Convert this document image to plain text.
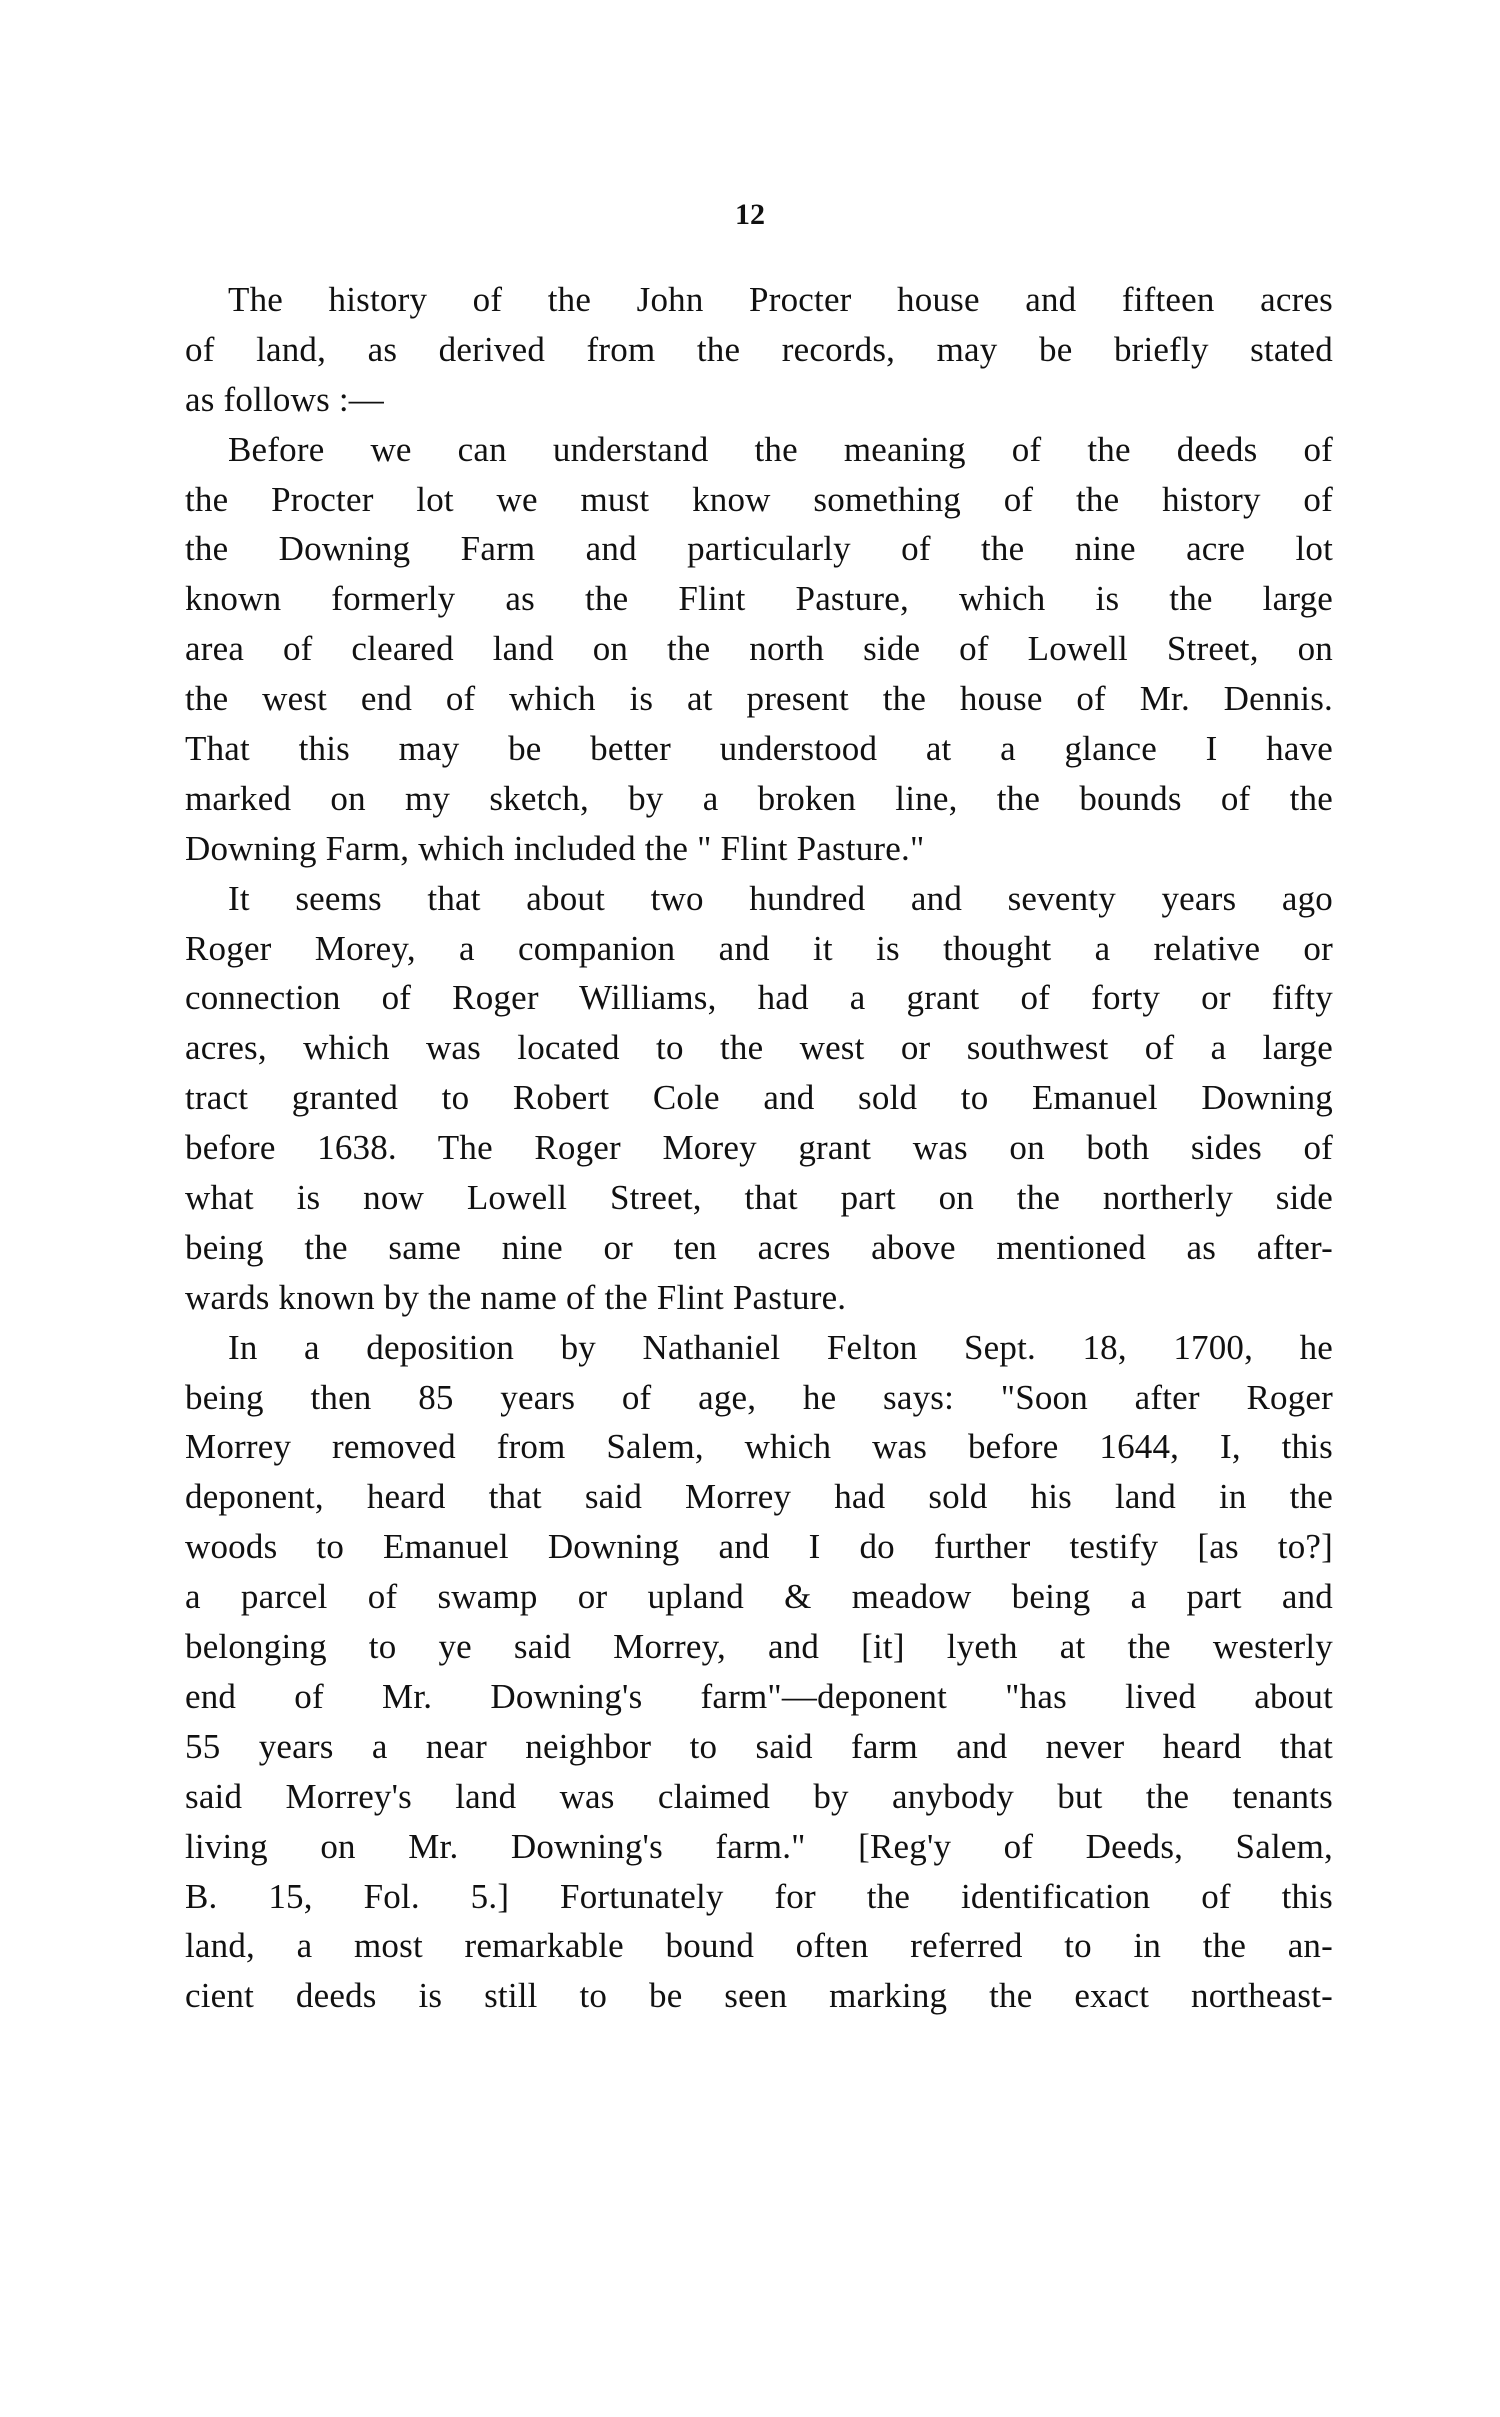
12
The history of the John Procter house and fifteen acres
of land, as derived from the records, may be briefly stated
as follows :—
Before we can understand the meaning of the deeds of
the Procter lot we must know something of the history of
the Downing Farm and particularly of the nine acre lot
known formerly as the Flint Pasture, which is the large
area of cleared land on the north side of Lowell Street, on
the west end of which is at present the house of Mr. Dennis.
That this may be better understood at a glance I have
marked on my sketch, by a broken line, the bounds of the
Downing Farm, which included the " Flint Pasture."
It seems that about two hundred and seventy years ago
Roger Morey, a companion and it is thought a relative or
connection of Roger Williams, had a grant of forty or fifty
acres, which was located to the west or southwest of a large
tract granted to Robert Cole and sold to Emanuel Downing
before 1638. The Roger Morey grant was on both sides of
what is now Lowell Street, that part on the northerly side
being the same nine or ten acres above mentioned as after-
wards known by the name of the Flint Pasture.
In a deposition by Nathaniel Felton Sept. 18, 1700, he
being then 85 years of age, he says: "Soon after Roger
Morrey removed from Salem, which was before 1644, I, this
deponent, heard that said Morrey had sold his land in the
woods to Emanuel Downing and I do further testify [as to?]
a parcel of swamp or upland & meadow being a part and
belonging to ye said Morrey, and [it] lyeth at the westerly
end of Mr. Downing's farm"—deponent "has lived about
55 years a near neighbor to said farm and never heard that
said Morrey's land was claimed by anybody but the tenants
living on Mr. Downing's farm." [Reg'y of Deeds, Salem,
B. 15, Fol. 5.] Fortunately for the identification of this
land, a most remarkable bound often referred to in the an-
cient deeds is still to be seen marking the exact northeast-
